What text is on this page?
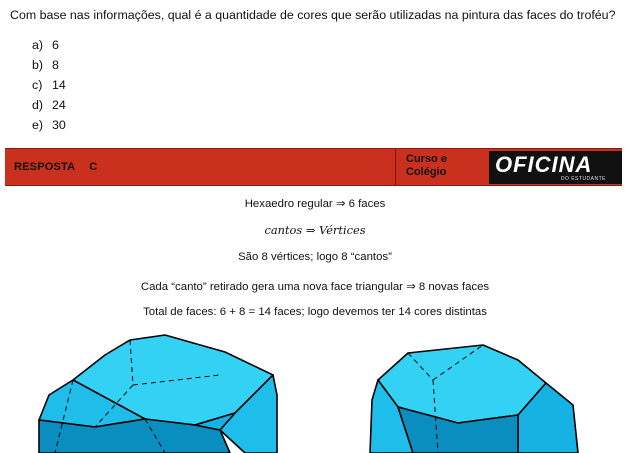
Com base nas informações, qual é a quantidade de cores que serão utilizadas na pintura das faces do troféu?
a) 6
b) 8
c) 14
d) 24
e) 30
RESPOSTA C
Curso e
Colégio OFICINA
DO ESTUDANTE
Hexaedro regular ⇒ 6 faces
cantos ⇒ Vértices
São 8 vértices; logo 8 “cantos”
Cada “canto” retirado gera uma nova face triangular ⇒ 8 novas faces
Total de faces: 6 + 8 = 14 faces; logo devemos ter 14 cores distintas
